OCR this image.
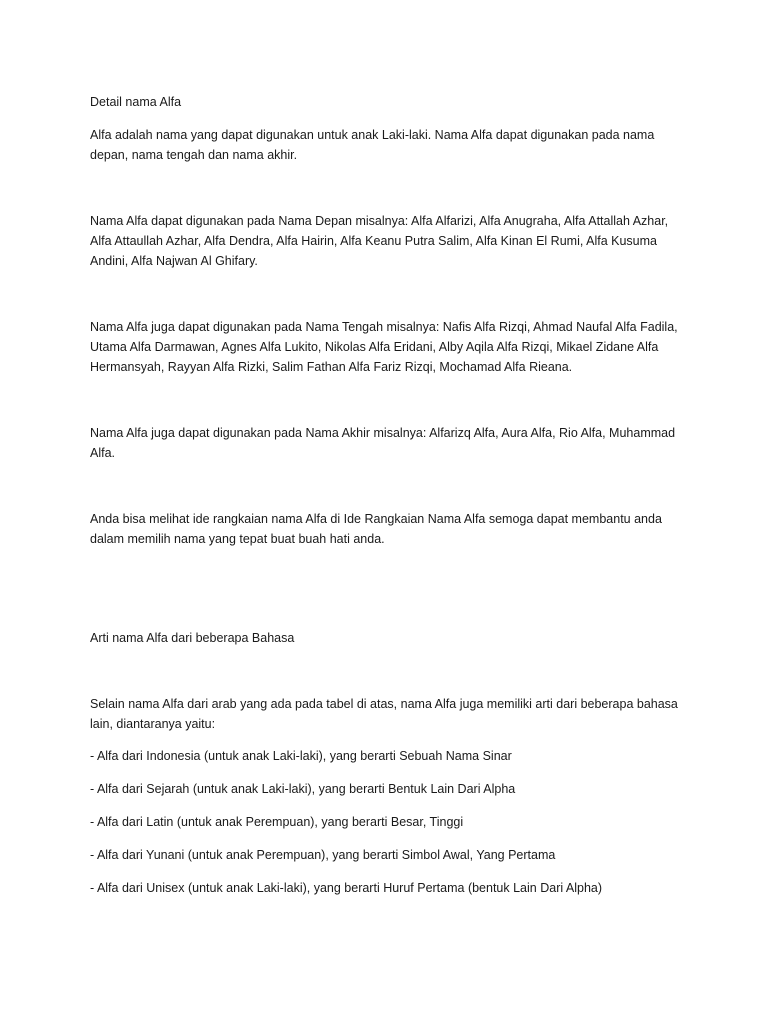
Detail nama Alfa

Alfa adalah nama yang dapat digunakan untuk anak Laki-laki. Nama Alfa dapat digunakan pada nama depan, nama tengah dan nama akhir.

Nama Alfa dapat digunakan pada Nama Depan misalnya: Alfa Alfarizi, Alfa Anugraha, Alfa Attallah Azhar, Alfa Attaullah Azhar, Alfa Dendra, Alfa Hairin, Alfa Keanu Putra Salim, Alfa Kinan El Rumi, Alfa Kusuma Andini, Alfa Najwan Al Ghifary.

Nama Alfa juga dapat digunakan pada Nama Tengah misalnya: Nafis Alfa Rizqi, Ahmad Naufal Alfa Fadila, Utama Alfa Darmawan, Agnes Alfa Lukito, Nikolas Alfa Eridani, Alby Aqila Alfa Rizqi, Mikael Zidane Alfa Hermansyah, Rayyan Alfa Rizki, Salim Fathan Alfa Fariz Rizqi, Mochamad Alfa Rieana.

Nama Alfa juga dapat digunakan pada Nama Akhir misalnya: Alfarizq Alfa, Aura Alfa, Rio Alfa, Muhammad Alfa.

Anda bisa melihat ide rangkaian nama Alfa di Ide Rangkaian Nama Alfa semoga dapat membantu anda dalam memilih nama yang tepat buat buah hati anda.

Arti nama Alfa dari beberapa Bahasa

Selain nama Alfa dari arab yang ada pada tabel di atas, nama Alfa juga memiliki arti dari beberapa bahasa lain, diantaranya yaitu:

- Alfa dari Indonesia (untuk anak Laki-laki), yang berarti Sebuah Nama Sinar

- Alfa dari Sejarah (untuk anak Laki-laki), yang berarti Bentuk Lain Dari Alpha

- Alfa dari Latin (untuk anak Perempuan), yang berarti Besar, Tinggi

- Alfa dari Yunani (untuk anak Perempuan), yang berarti Simbol Awal, Yang Pertama

- Alfa dari Unisex (untuk anak Laki-laki), yang berarti Huruf Pertama (bentuk Lain Dari Alpha)
